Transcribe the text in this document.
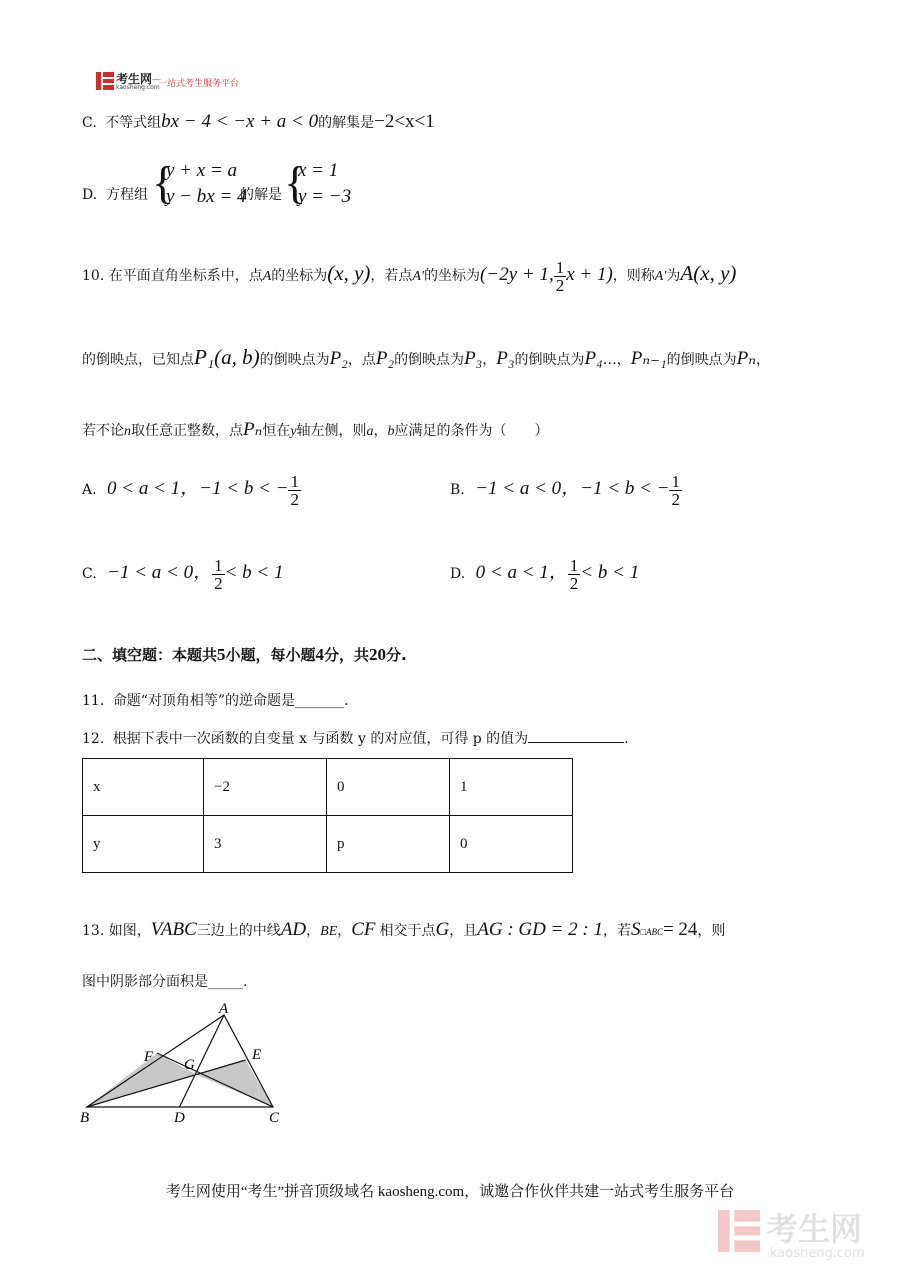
考生网
kaosheng.com
一站式考生服务平台
—
C. 不等式组bx − 4 < −x + a < 0的解集是−2<x<1
D. 方程组 {
y + x = a
y − bx = 4
的解是 {
x = 1
y = −3
10. 在平面直角坐标系中，点A的坐标为(x, y)，若点A′的坐标为(−2y + 1, $\frac{1}{2}$ x + 1)，则称A′为A(x, y)
的倒映点，已知点P₁(a, b)的倒映点为P₂，点P₂的倒映点为P₃，P₃的倒映点为P₄…，Pₙ₋₁的倒映点为Pₙ，
若不论n取任意正整数，点Pₙ恒在y轴左侧，则a，b应满足的条件为（　　）
A. 0 < a < 1，−1 < b < − $\frac{1}{2}$	B. −1 < a < 0，−1 < b < − $\frac{1}{2}$
C. −1 < a < 0， $\frac{1}{2} < b < 1$	D. 0 < a < 1， $\frac{1}{2} < b < 1$
二、填空题：本题共5小题，每小题4分，共20分.
11. 命题“对顶角相等”的逆命题是_______.
12. 根据下表中一次函数的自变量 x 与函数 y 的对应值，可得 p 的值为	.
x	−2	0	1
y	3	p	0
13. 如图，VABC三边上的中线AD，BE，CF 相交于点G，且AG : GD = 2 : 1，若S□ABC= 24，则
图中阴影部分面积是_____.
A
F	E
G
B	D	C
考生网使用“考生”拼音顶级域名 kaosheng.com，诚邀合作伙伴共建一站式考生服务平台
考生网
kaosheng.com
